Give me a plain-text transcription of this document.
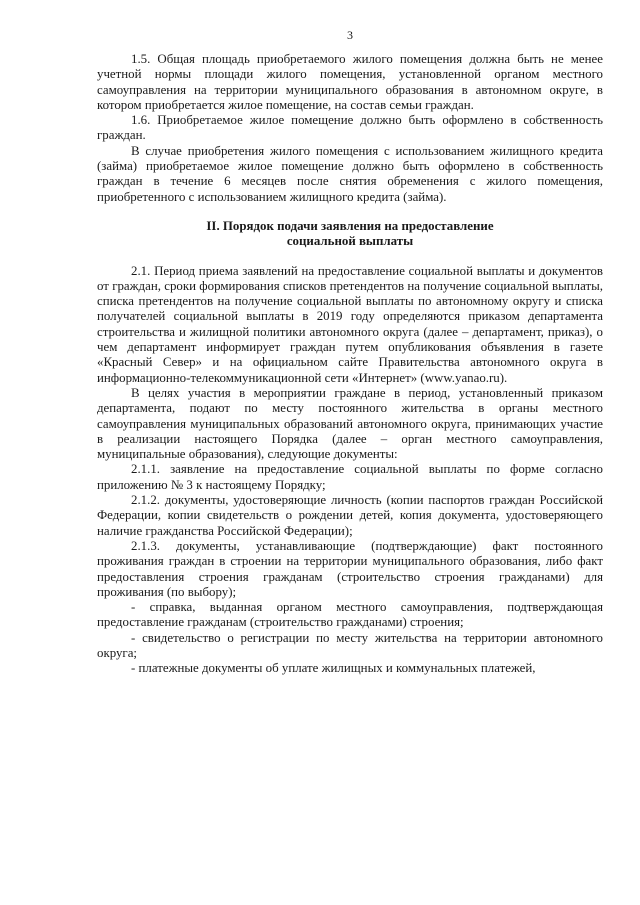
3

1.5. Общая площадь приобретаемого жилого помещения должна быть не менее учетной нормы площади жилого помещения, установленной органом местного самоуправления на территории муниципального образования в автономном округе, в котором приобретается жилое помещение, на состав семьи граждан.

1.6. Приобретаемое жилое помещение должно быть оформлено в собственность граждан.

В случае приобретения жилого помещения с использованием жилищного кредита (займа) приобретаемое жилое помещение должно быть оформлено в собственность граждан в течение 6 месяцев после снятия обременения с жилого помещения, приобретенного с использованием жилищного кредита (займа).

II. Порядок подачи заявления на предоставление
социальной выплаты

2.1. Период приема заявлений на предоставление социальной выплаты и документов от граждан, сроки формирования списков претендентов на получение социальной выплаты, списка претендентов на получение социальной выплаты по автономному округу и списка получателей социальной выплаты в 2019 году определяются приказом департамента строительства и жилищной политики автономного округа (далее – департамент, приказ), о чем департамент информирует граждан путем опубликования объявления в газете «Красный Север» и на официальном сайте Правительства автономного округа в информационно-телекоммуникационной сети «Интернет» (www.yanao.ru).

В целях участия в мероприятии граждане в период, установленный приказом департамента, подают по месту постоянного жительства в органы местного самоуправления муниципальных образований автономного округа, принимающих участие в реализации настоящего Порядка (далее – орган местного самоуправления, муниципальные образования), следующие документы:

2.1.1. заявление на предоставление социальной выплаты по форме согласно приложению № 3 к настоящему Порядку;

2.1.2. документы, удостоверяющие личность (копии паспортов граждан Российской Федерации, копии свидетельств о рождении детей, копия документа, удостоверяющего наличие гражданства Российской Федерации);

2.1.3. документы, устанавливающие (подтверждающие) факт постоянного проживания граждан в строении на территории муниципального образования, либо факт предоставления строения гражданам (строительство строения гражданами) для проживания (по выбору);

- справка, выданная органом местного самоуправления, подтверждающая предоставление гражданам (строительство гражданами) строения;

- свидетельство о регистрации по месту жительства на территории автономного округа;

- платежные документы об уплате жилищных и коммунальных платежей,
